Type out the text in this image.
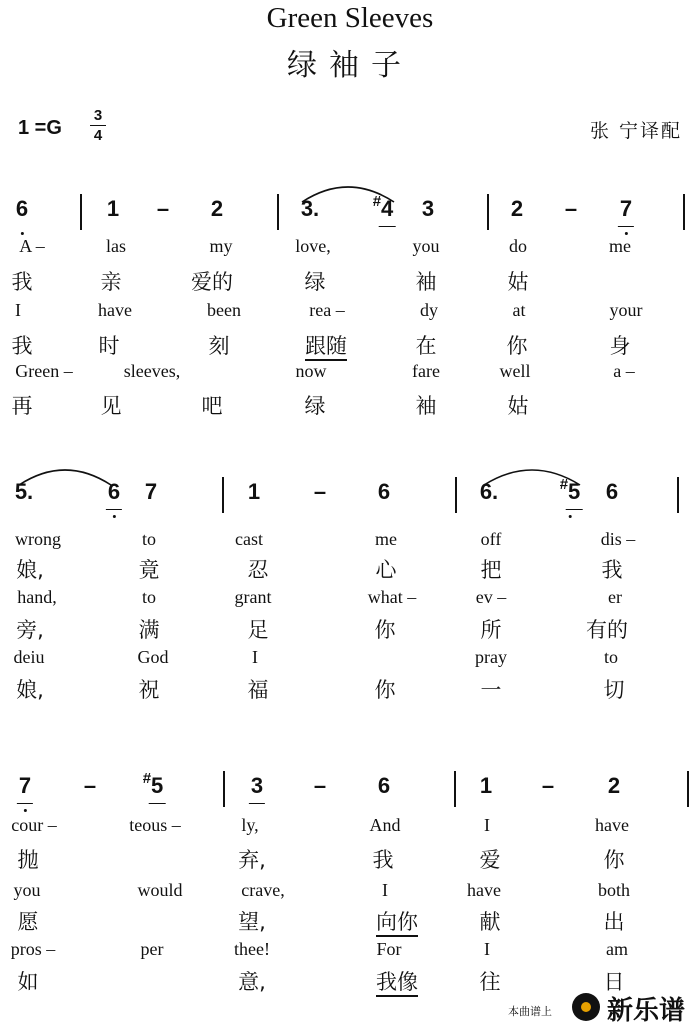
Green Sleeves
绿袖子
1 =G
3
4	张 宁译配
6	1 – 2	3.	#4 3	2 – 7
A –	las	my	love,	you	do	me
我	亲	爱的	绿	袖	姑
I	have	been	rea –	dy	at	your
我	时	刻	跟随	在	你	身
Green –	sleeves,	now	fare	well	a –
再	见	吧	绿	袖	姑
5.	6 7	1 – 6	6.	#5 6
wrong	to	cast	me	off	dis –
娘,	竟	忍	心	把	我
hand,	to	grant	what –	ev –	er
旁,	满	足	你	所	有的
deiu	God	I	pray	to
娘,	祝	福	你	一	切
7 –	#5	3 – 6	1 – 2
cour –	teous –	ly,	And	I	have
抛	弃,	我	爱	你
you	would	crave,	I	have	both
愿	望,	向你	献	出
pros –	per	thee!	For	I	am
如	意,	我像	往	日
本曲谱上 新乐谱
